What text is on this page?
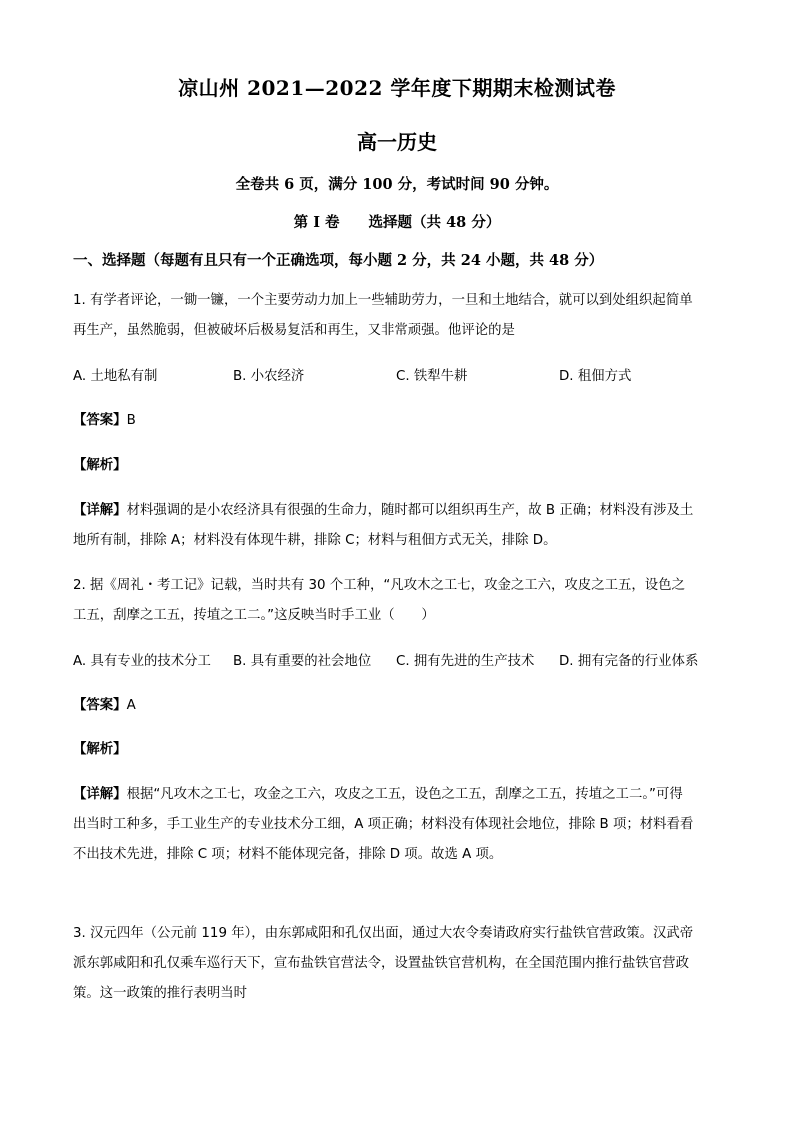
凉山州 2021—2022 学年度下期期末检测试卷
高一历史
全卷共 6 页，满分 100 分，考试时间 90 分钟。
第 I 卷　　选择题（共 48 分）
一、选择题（每题有且只有一个正确选项，每小题 2 分，共 24 小题，共 48 分）
1. 有学者评论，一锄一镰，一个主要劳动力加上一些辅助劳力，一旦和土地结合，就可以到处组织起简单
再生产，虽然脆弱，但被破坏后极易复活和再生，又非常顽强。他评论的是
A. 土地私有制	B. 小农经济	C. 铁犁牛耕	D. 租佃方式
【答案】B
【解析】
【详解】材料强调的是小农经济具有很强的生命力，随时都可以组织再生产，故 B 正确；材料没有涉及土
地所有制，排除 A；材料没有体现牛耕，排除 C；材料与租佃方式无关，排除 D。
2. 据《周礼・考工记》记载，当时共有 30 个工种，“凡攻木之工七，攻金之工六，攻皮之工五，设色之
工五，刮摩之工五，抟埴之工二。”这反映当时手工业（　　）
A. 具有专业的技术分工 B. 具有重要的社会地位 C. 拥有先进的生产技术 D. 拥有完备的行业体系
【答案】A
【解析】
【详解】根据“凡攻木之工七，攻金之工六，攻皮之工五，设色之工五，刮摩之工五，抟埴之工二。”可得
出当时工种多，手工业生产的专业技术分工细，A 项正确；材料没有体现社会地位，排除 B 项；材料看看
不出技术先进，排除 C 项；材料不能体现完备，排除 D 项。故选 A 项。
3. 汉元四年（公元前 119 年），由东郭咸阳和孔仅出面，通过大农令奏请政府实行盐铁官营政策。汉武帝
派东郭咸阳和孔仅乘车巡行天下，宣布盐铁官营法令，设置盐铁官营机构，在全国范围内推行盐铁官营政
策。这一政策的推行表明当时
